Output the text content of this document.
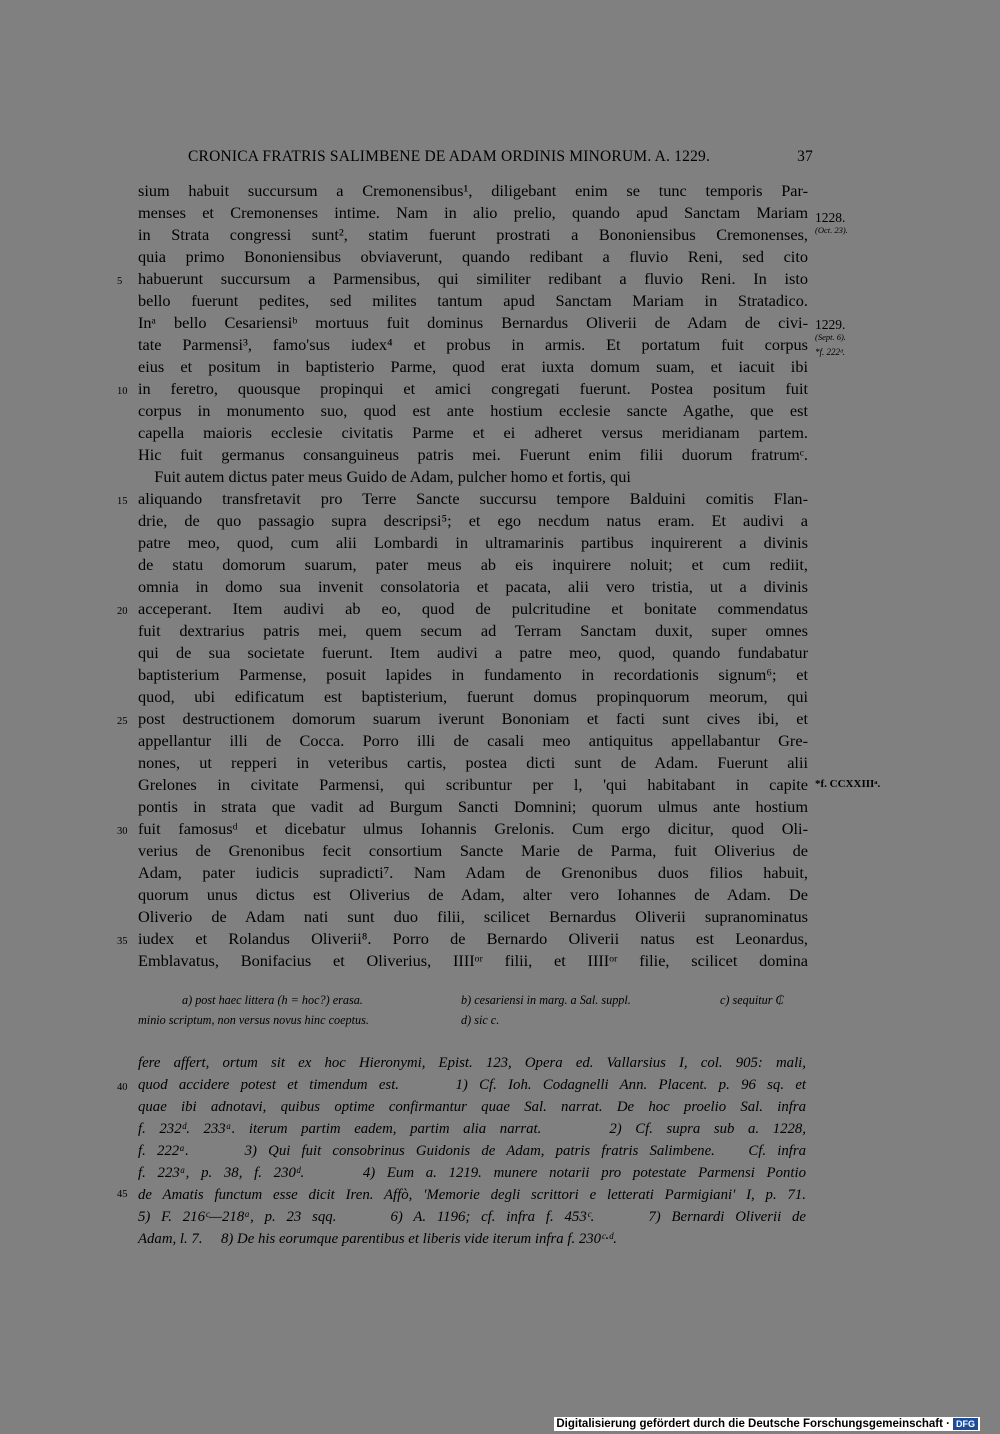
CRONICA FRATRIS SALIMBENE DE ADAM ORDINIS MINORUM. A. 1229.	37
sium habuit succursum a Cremonensibus¹, diligebant enim se tunc temporis Par-
menses et Cremonenses intime. Nam in alio prelio, quando apud Sanctam Mariam
in Strata congressi sunt², statim fuerunt prostrati a Bononiensibus Cremonenses,
quia primo Bononiensibus obviaverunt, quando redibant a fluvio Reni, sed cito
habuerunt succursum a Parmensibus, qui similiter redibant a fluvio Reni. In isto
bello fuerunt pedites, sed milites tantum apud Sanctam Mariam in Stratadico.
Inᵃ bello Cesariensiᵇ mortuus fuit dominus Bernardus Oliverii de Adam de civi-
tate Parmensi³, famo'sus iudex⁴ et probus in armis. Et portatum fuit corpus
eius et positum in baptisterio Parme, quod erat iuxta domum suam, et iacuit ibi
in feretro, quousque propinqui et amici congregati fuerunt. Postea positum fuit
corpus in monumento suo, quod est ante hostium ecclesie sancte Agathe, que est
capella maioris ecclesie civitatis Parme et ei adheret versus meridianam partem.
Hic fuit germanus consanguineus patris mei. Fuerunt enim filii duorum fratrumᶜ.
Fuit autem dictus pater meus Guido de Adam, pulcher homo et fortis, qui
aliquando transfretavit pro Terre Sancte succursu tempore Balduini comitis Flan-
drie, de quo passagio supra descripsi⁵; et ego necdum natus eram. Et audivi a
patre meo, quod, cum alii Lombardi in ultramarinis partibus inquirerent a divinis
de statu domorum suarum, pater meus ab eis inquirere noluit; et cum rediit,
omnia in domo sua invenit consolatoria et pacata, alii vero tristia, ut a divinis
acceperant. Item audivi ab eo, quod de pulcritudine et bonitate commendatus
fuit dextrarius patris mei, quem secum ad Terram Sanctam duxit, super omnes
qui de sua societate fuerunt. Item audivi a patre meo, quod, quando fundabatur
baptisterium Parmense, posuit lapides in fundamento in recordationis signum⁶; et
quod, ubi edificatum est baptisterium, fuerunt domus propinquorum meorum, qui
post destructionem domorum suarum iverunt Bononiam et facti sunt cives ibi, et
appellantur illi de Cocca. Porro illi de casali meo antiquitus appellabantur Gre-
nones, ut repperi in veteribus cartis, postea dicti sunt de Adam. Fuerunt alii
Grelones in civitate Parmensi, qui scribuntur per l, 'qui habitabant in capite
pontis in strata que vadit ad Burgum Sancti Domnini; quorum ulmus ante hostium
fuit famosusᵈ et dicebatur ulmus Iohannis Grelonis. Cum ergo dicitur, quod Oli-
verius de Grenonibus fecit consortium Sancte Marie de Parma, fuit Oliverius de
Adam, pater iudicis supradicti⁷. Nam Adam de Grenonibus duos filios habuit,
quorum unus dictus est Oliverius de Adam, alter vero Iohannes de Adam. De
Oliverio de Adam nati sunt duo filii, scilicet Bernardus Oliverii supranominatus
iudex et Rolandus Oliverii⁸. Porro de Bernardo Oliverii natus est Leonardus,
Emblavatus, Bonifacius et Oliverius, IIIIᵒʳ filii, et IIIIᵒʳ filie, scilicet domina
5
10
15
20
25
30
35
40
45
1228.
(Oct. 23).
1229.
(Sept. 6).
*f. 222ᵈ.
*f. CCXXIIIᵃ.
a) post haec littera (h = hoc?) erasa.	b) cesariensi in marg. a Sal. suppl.	c) sequitur ₵
minio scriptum, non versus novus hinc coeptus.	d) sic c.
fere affert, ortum sit ex hoc Hieronymi, Epist. 123, Opera ed. Vallarsius I, col. 905: mali,
quod accidere potest et timendum est.     1) Cf. Ioh. Codagnelli Ann. Placent. p. 96 sq. et
quae ibi adnotavi, quibus optime confirmantur quae Sal. narrat. De hoc proelio Sal. infra
f. 232ᵈ. 233ᵃ. iterum partim eadem, partim alia narrat.     2) Cf. supra sub a. 1228,
f. 222ᵃ.     3) Qui fuit consobrinus Guidonis de Adam, patris fratris Salimbene.   Cf. infra
f. 223ᵃ, p. 38, f. 230ᵈ.     4) Eum a. 1219. munere notarii pro potestate Parmensi Pontio
de Amatis functum esse dicit Iren. Affò, 'Memorie degli scrittori e letterati Parmigiani' I, p. 71.
5) F. 216ᶜ—218ᵃ, p. 23 sqq.     6) A. 1196; cf. infra f. 453ᶜ.     7) Bernardi Oliverii de
Adam, l. 7.     8) De his eorumque parentibus et liberis vide iterum infra f. 230ᶜ·ᵈ.
Digitalisierung gefördert durch die Deutsche Forschungsgemeinschaft · DFG
